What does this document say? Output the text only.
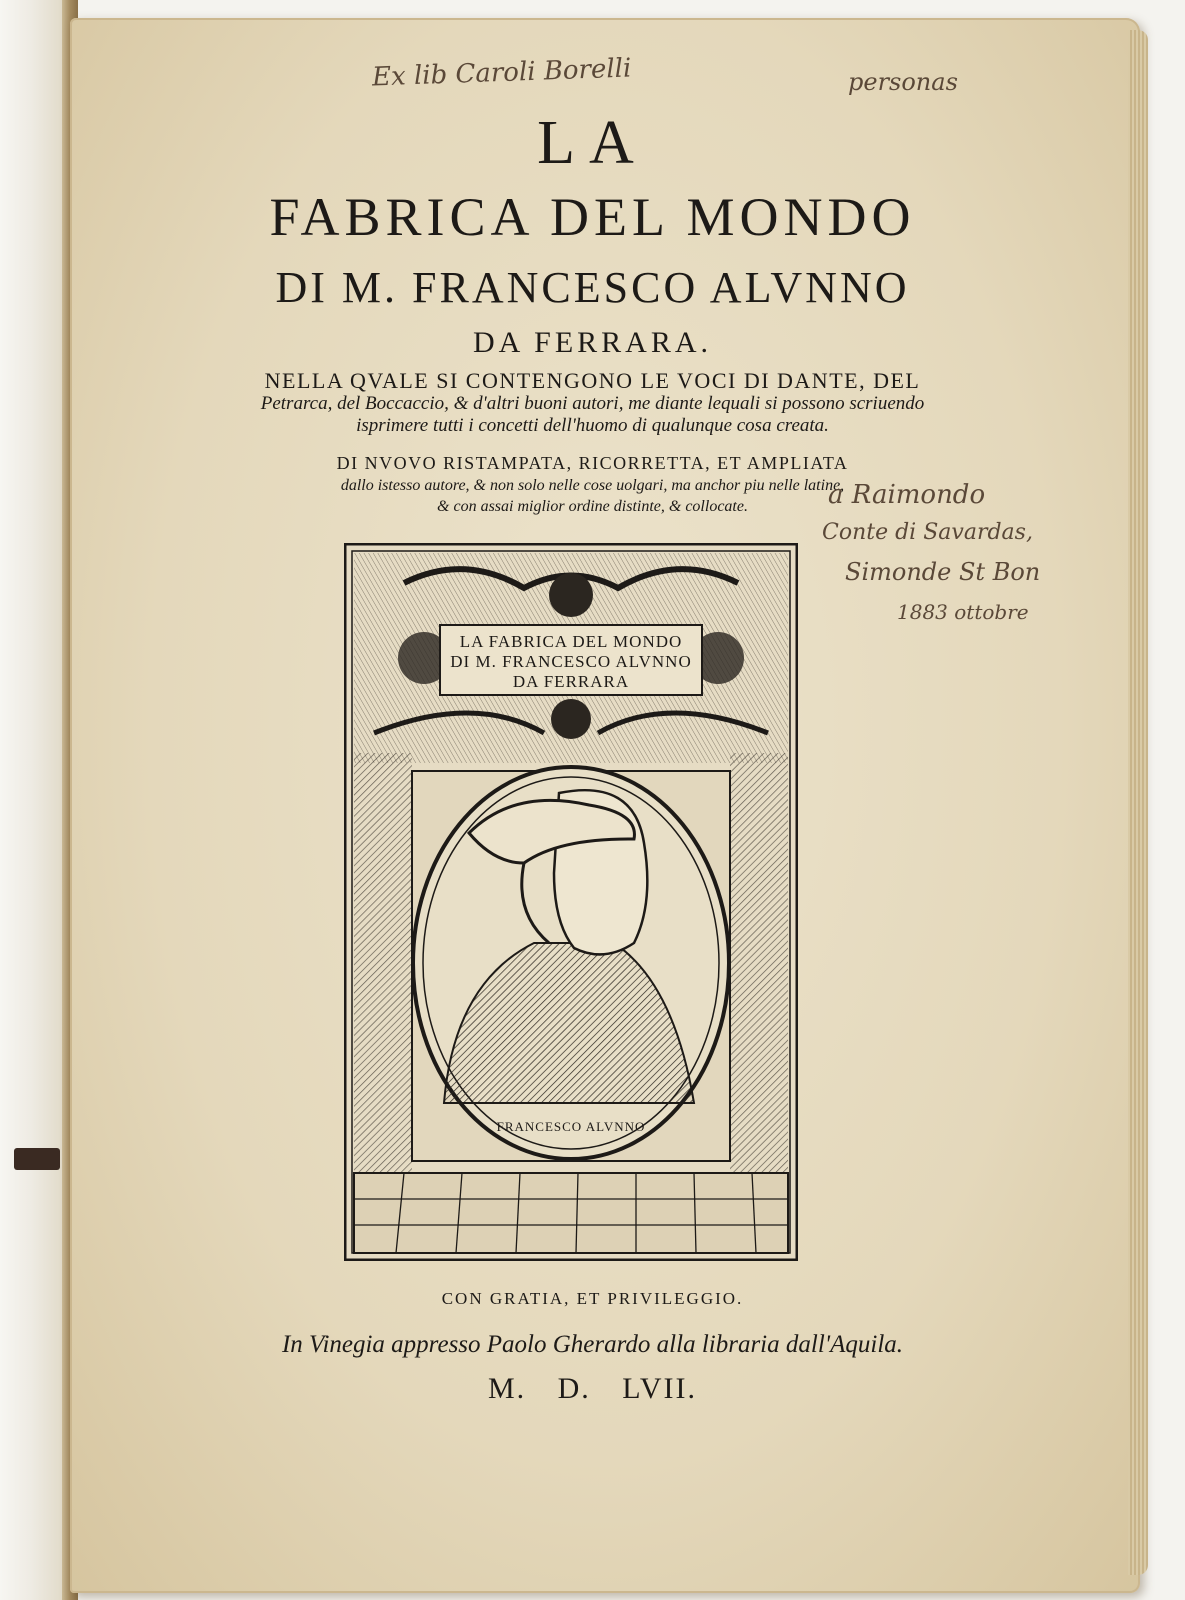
Ex lib Caroli Borelli	personas
LA
FABRICA DEL MONDO
DI M. FRANCESCO ALVNNO
DA FERRARA.
NELLA QVALE SI CONTENGONO LE VOCI DI DANTE, DEL
Petrarca, del Boccaccio, & d'altri buoni autori, me diante lequali si possono scriuendo
isprimere tutti i concetti dell'huomo di qualunque cosa creata.
DI NVOVO RISTAMPATA, RICORRETTA, ET AMPLIATA
dallo istesso autore, & non solo nelle cose uolgari, ma anchor piu nelle latine,
& con assai miglior ordine distinte, & collocate.	a Raimondo
Conte di Savardas,
Simonde St Bon
1883 ottobre
LA FABRICA DEL MONDO
DI M. FRANCESCO ALVNNO
DA FERRARA
FRANCESCO ALVNNO
CON GRATIA, ET PRIVILEGGIO.
In Vinegia appresso Paolo Gherardo alla libraria dall'Aquila.
M. D. LVII.
